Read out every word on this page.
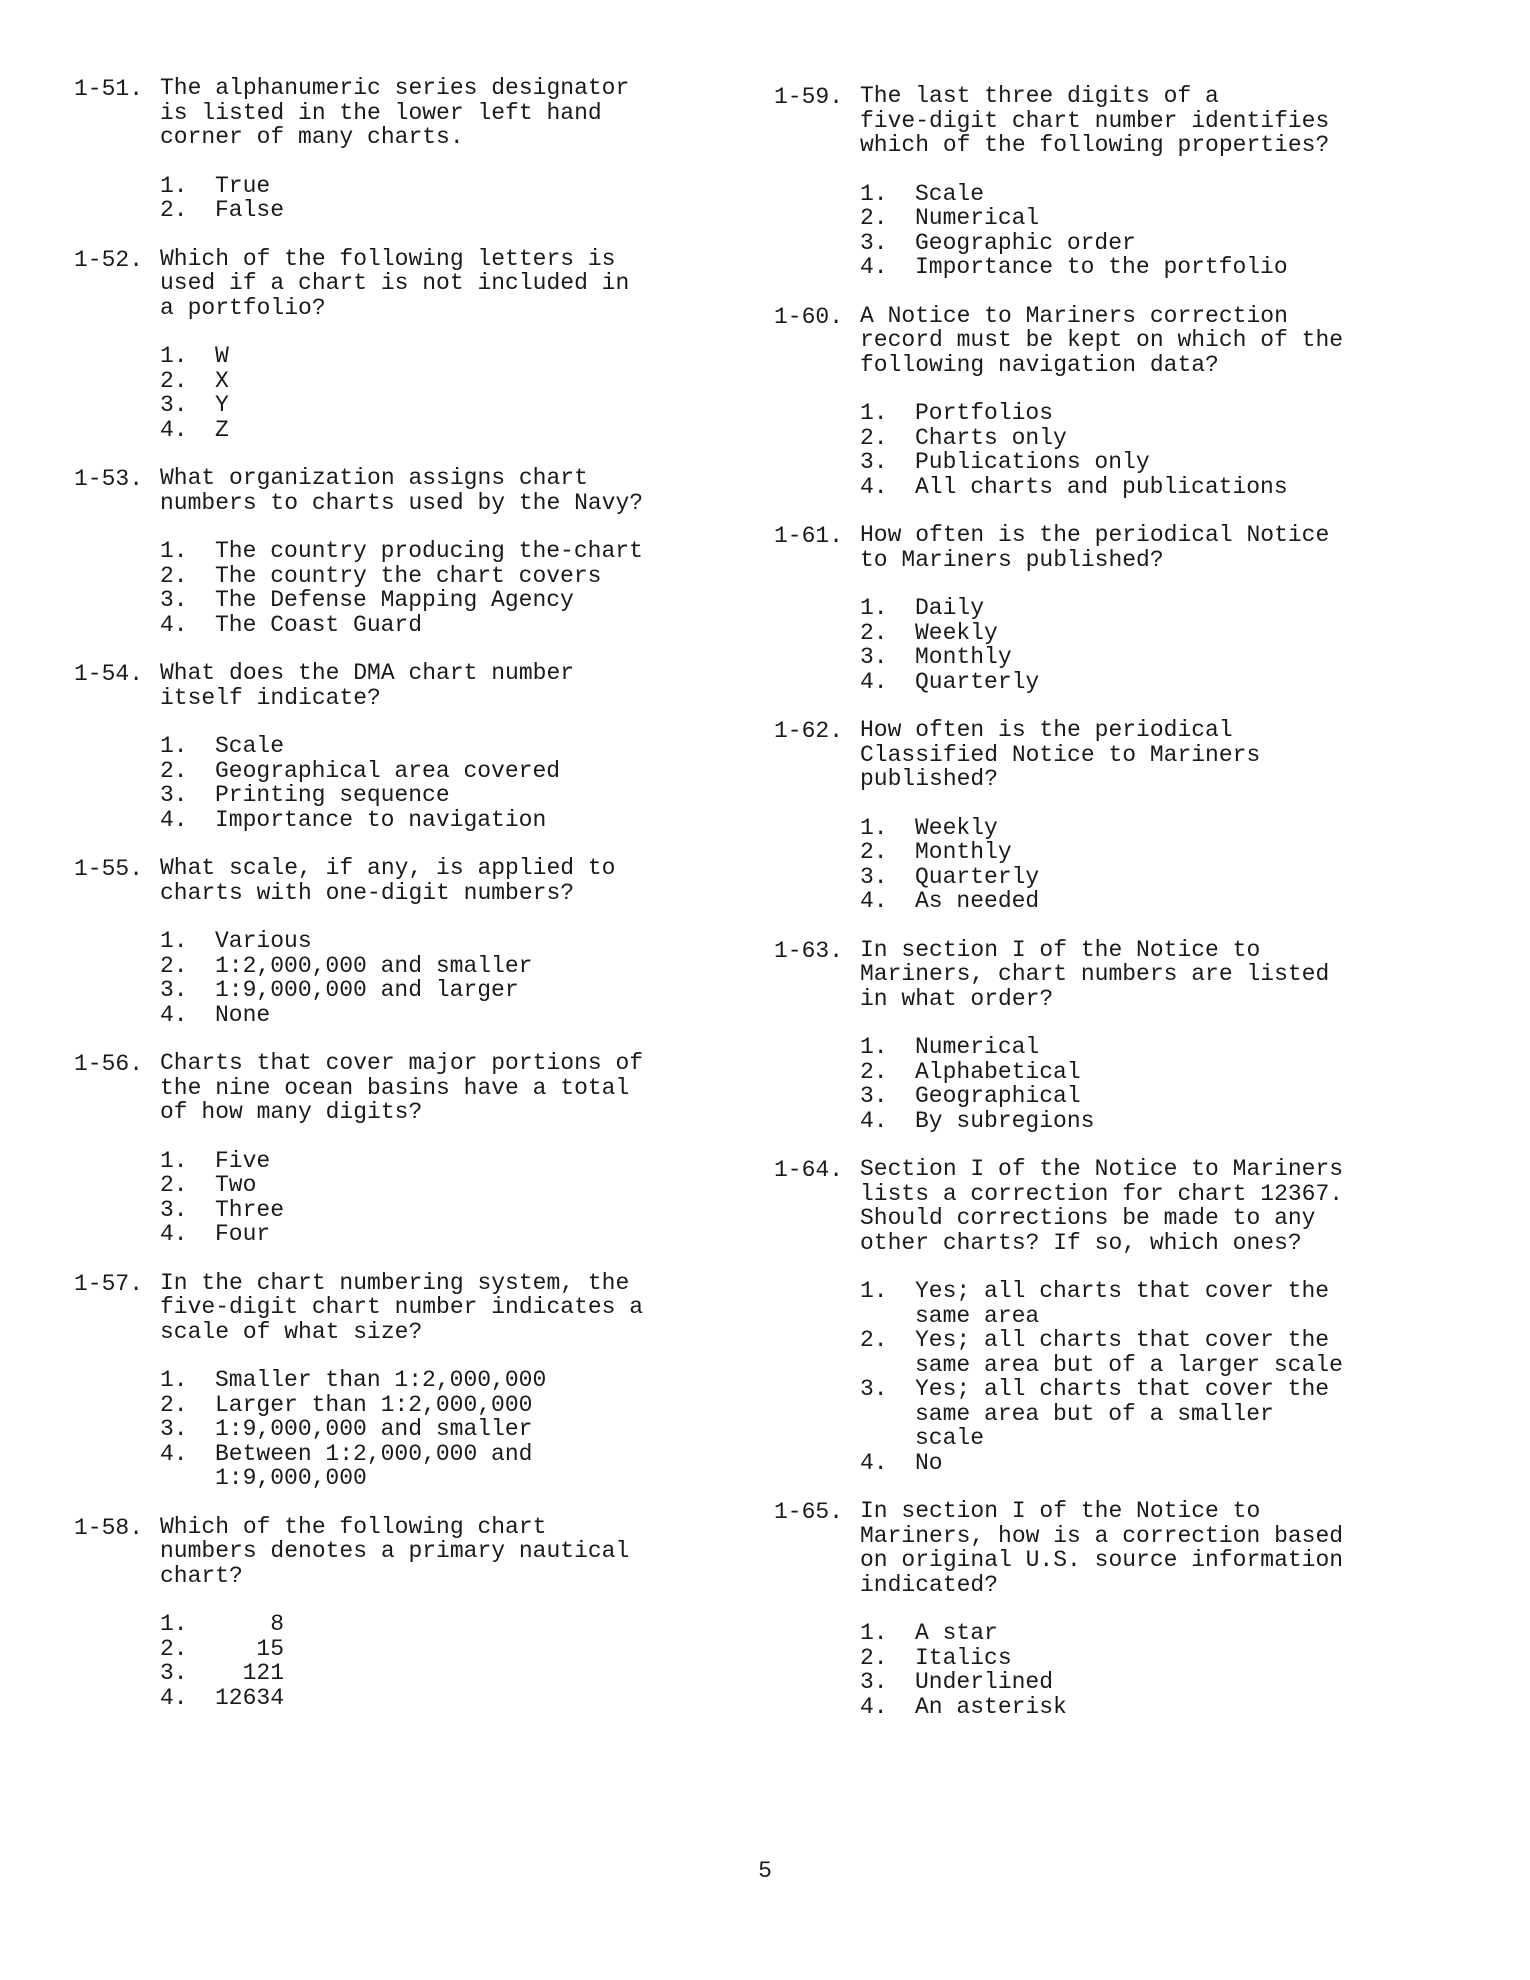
1-51. The alphanumeric series designator
is listed in the lower left hand
corner of many charts.

1. True
2. False
1-52. Which of the following letters is
used if a chart is not included in
a portfolio?

1. W
2. X
3. Y
4. Z
1-53. What organization assigns chart
numbers to charts used by the Navy?

1. The country producing the-chart
2. The country the chart covers
3. The Defense Mapping Agency
4. The Coast Guard
1-54. What does the DMA chart number
itself indicate?

1. Scale
2. Geographical area covered
3. Printing sequence
4. Importance to navigation
1-55. What scale, if any, is applied to
charts with one-digit numbers?

1. Various
2. 1:2,000,000 and smaller
3. 1:9,000,000 and larger
4. None
1-56. Charts that cover major portions of
the nine ocean basins have a total
of how many digits?

1. Five
2. Two
3. Three
4. Four
1-57. In the chart numbering system, the
five-digit chart number indicates a
scale of what size?

1. Smaller than 1:2,000,000
2. Larger than 1:2,000,000
3. 1:9,000,000 and smaller
4. Between 1:2,000,000 and
1:9,000,000
1-58. Which of the following chart
numbers denotes a primary nautical
chart?

1. 8
2. 15
3. 121
4. 12634
1-59. The last three digits of a
five-digit chart number identifies
which of the following properties?

1. Scale
2. Numerical
3. Geographic order
4. Importance to the portfolio
1-60. A Notice to Mariners correction
record must be kept on which of the
following navigation data?

1. Portfolios
2. Charts only
3. Publications only
4. All charts and publications
1-61. How often is the periodical Notice
to Mariners published?

1. Daily
2. Weekly
3. Monthly
4. Quarterly
1-62. How often is the periodical
Classified Notice to Mariners
published?

1. Weekly
2. Monthly
3. Quarterly
4. As needed
1-63. In section I of the Notice to
Mariners, chart numbers are listed
in what order?

1. Numerical
2. Alphabetical
3. Geographical
4. By subregions
1-64. Section I of the Notice to Mariners
lists a correction for chart 12367.
Should corrections be made to any
other charts? If so, which ones?

1. Yes; all charts that cover the
same area
2. Yes; all charts that cover the
same area but of a larger scale
3. Yes; all charts that cover the
same area but of a smaller
scale
4. No
1-65. In section I of the Notice to
Mariners, how is a correction based
on original U.S. source information
indicated?

1. A star
2. Italics
3. Underlined
4. An asterisk
5
